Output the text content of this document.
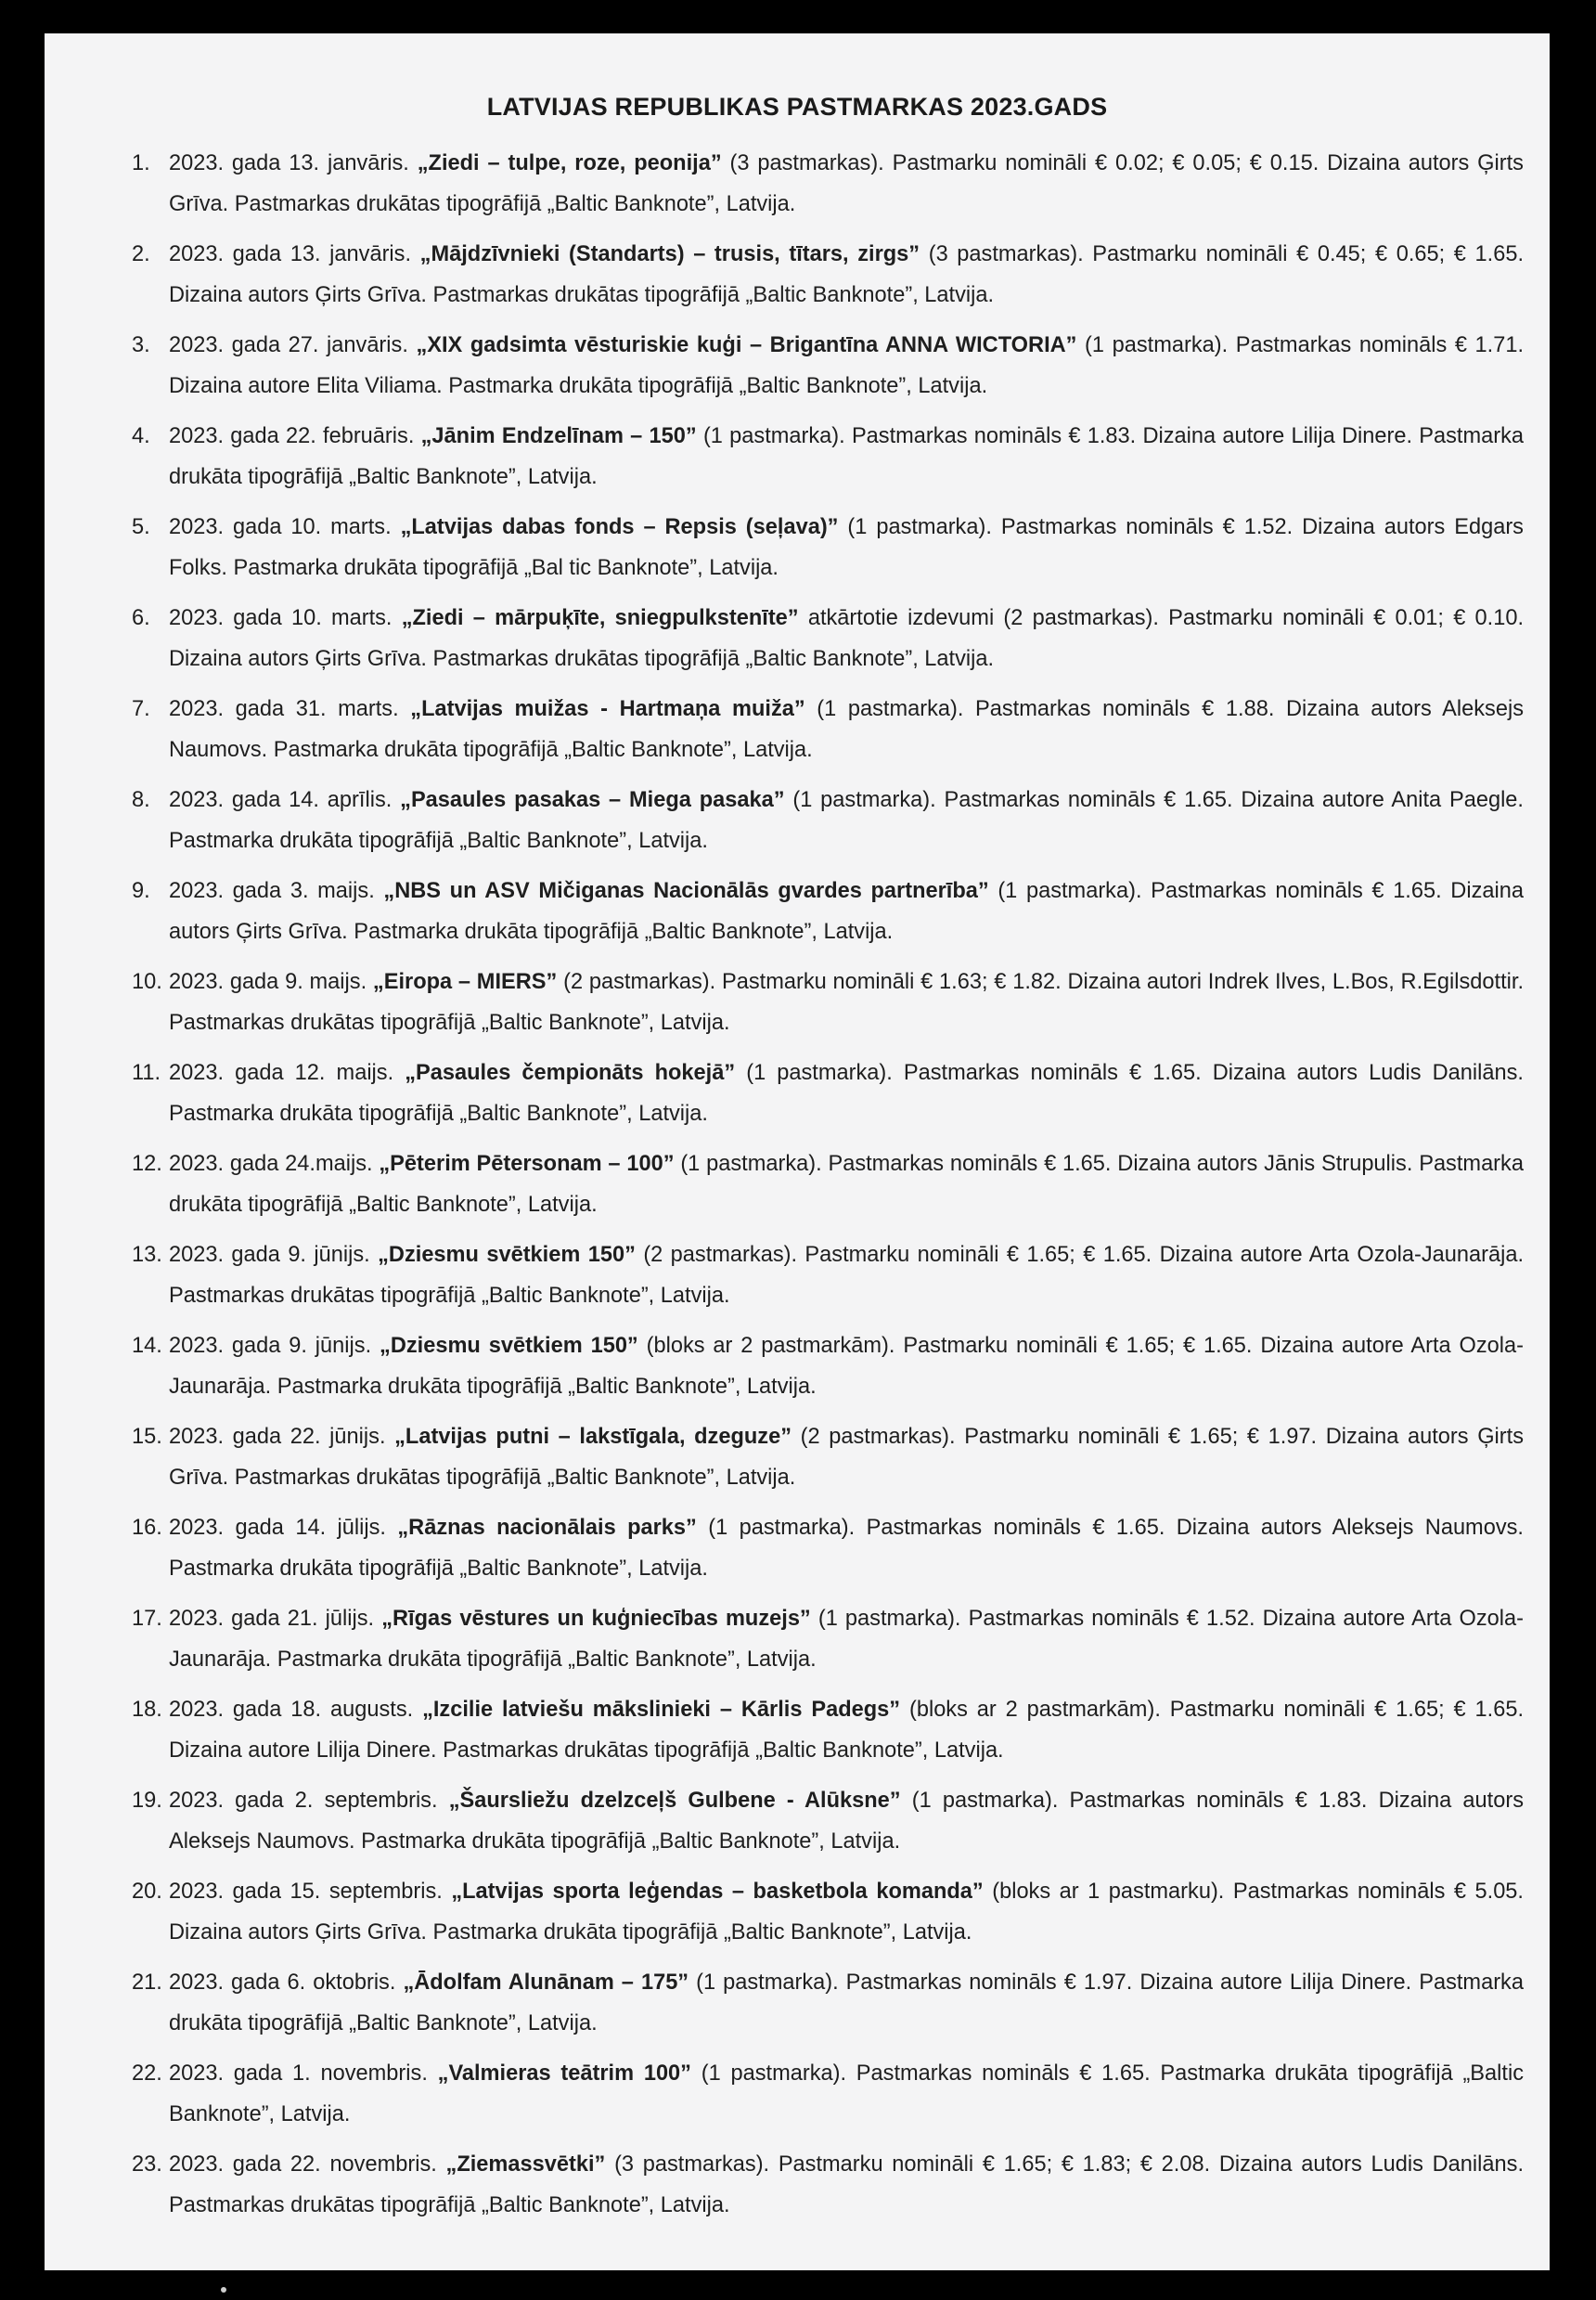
LATVIJAS REPUBLIKAS PASTMARKAS 2023.GADS
1. 2023. gada 13. janvāris. „Ziedi – tulpe, roze, peonija” (3 pastmarkas). Pastmarku nomināli € 0.02; € 0.05; € 0.15. Dizaina autors Ģirts Grīva. Pastmarkas drukātas tipogrāfijā „Baltic Banknote”, Latvija.
2. 2023. gada 13. janvāris. „Mājdzīvnieki (Standarts) – trusis, tītars, zirgs” (3 pastmarkas). Pastmarku nomināli € 0.45; € 0.65; € 1.65. Dizaina autors Ģirts Grīva. Pastmarkas drukātas tipogrāfijā „Baltic Banknote”, Latvija.
3. 2023. gada 27. janvāris. „XIX gadsimta vēsturiskie kuģi – Brigantīna ANNA WICTORIA” (1 pastmarka). Pastmarkas nomināls € 1.71. Dizaina autore Elita Viliama. Pastmarka drukāta tipogrāfijā „Baltic Banknote”, Latvija.
4. 2023. gada 22. februāris. „Jānim Endzelīnam – 150” (1 pastmarka). Pastmarkas nomināls € 1.83. Dizaina autore Lilija Dinere. Pastmarka drukāta tipogrāfijā „Baltic Banknote”, Latvija.
5. 2023. gada 10. marts. „Latvijas dabas fonds – Repsis (seļava)” (1 pastmarka). Pastmarkas nomināls € 1.52. Dizaina autors Edgars Folks. Pastmarka drukāta tipogrāfijā „Bal tic Banknote”, Latvija.
6. 2023. gada 10. marts. „Ziedi – mārpuķīte, sniegpulkstenīte” atkārtotie izdevumi (2 pastmarkas). Pastmarku nomināli € 0.01; € 0.10. Dizaina autors Ģirts Grīva. Pastmarkas drukātas tipogrāfijā „Baltic Banknote”, Latvija.
7. 2023. gada 31. marts. „Latvijas muižas - Hartmaņa muiža” (1 pastmarka). Pastmarkas nomināls € 1.88. Dizaina autors Aleksejs Naumovs. Pastmarka drukāta tipogrāfijā „Baltic Banknote”, Latvija.
8. 2023. gada 14. aprīlis. „Pasaules pasakas – Miega pasaka” (1 pastmarka). Pastmarkas nomināls € 1.65. Dizaina autore Anita Paegle. Pastmarka drukāta tipogrāfijā „Baltic Banknote”, Latvija.
9. 2023. gada 3. maijs. „NBS un ASV Mičiganas Nacionālās gvardes partnerība” (1 pastmarka). Pastmarkas nomināls € 1.65. Dizaina autors Ģirts Grīva. Pastmarka drukāta tipogrāfijā „Baltic Banknote”, Latvija.
10. 2023. gada 9. maijs. „Eiropa – MIERS” (2 pastmarkas). Pastmarku nomināli € 1.63; € 1.82. Dizaina autori Indrek Ilves, L.Bos, R.Egilsdottir. Pastmarkas drukātas tipogrāfijā „Baltic Banknote”, Latvija.
11. 2023. gada 12. maijs. „Pasaules čempionāts hokejā” (1 pastmarka). Pastmarkas nomināls € 1.65. Dizaina autors Ludis Danilāns. Pastmarka drukāta tipogrāfijā „Baltic Banknote”, Latvija.
12. 2023. gada 24.maijs. „Pēterim Pētersonam – 100” (1 pastmarka). Pastmarkas nomināls € 1.65. Dizaina autors Jānis Strupulis. Pastmarka drukāta tipogrāfijā „Baltic Banknote”, Latvija.
13. 2023. gada 9. jūnijs. „Dziesmu svētkiem 150” (2 pastmarkas). Pastmarku nomināli € 1.65; € 1.65. Dizaina autore Arta Ozola-Jaunarāja. Pastmarkas drukātas tipogrāfijā „Baltic Banknote”, Latvija.
14. 2023. gada 9. jūnijs. „Dziesmu svētkiem 150” (bloks ar 2 pastmarkām). Pastmarku nomināli € 1.65; € 1.65. Dizaina autore Arta Ozola-Jaunarāja. Pastmarka drukāta tipogrāfijā „Baltic Banknote”, Latvija.
15. 2023. gada 22. jūnijs. „Latvijas putni – lakstīgala, dzeguze” (2 pastmarkas). Pastmarku nomināli € 1.65; € 1.97. Dizaina autors Ģirts Grīva. Pastmarkas drukātas tipogrāfijā „Baltic Banknote”, Latvija.
16. 2023. gada 14. jūlijs. „Rāznas nacionālais parks” (1 pastmarka). Pastmarkas nomināls € 1.65. Dizaina autors Aleksejs Naumovs. Pastmarka drukāta tipogrāfijā „Baltic Banknote”, Latvija.
17. 2023. gada 21. jūlijs. „Rīgas vēstures un kuģniecības muzejs” (1 pastmarka). Pastmarkas nomināls € 1.52. Dizaina autore Arta Ozola-Jaunarāja. Pastmarka drukāta tipogrāfijā „Baltic Banknote”, Latvija.
18. 2023. gada 18. augusts. „Izcilie latviešu mākslinieki – Kārlis Padegs” (bloks ar 2 pastmarkām). Pastmarku nomināli € 1.65; € 1.65. Dizaina autore Lilija Dinere. Pastmarkas drukātas tipogrāfijā „Baltic Banknote”, Latvija.
19. 2023. gada 2. septembris. „Šaursliežu dzelzceļš Gulbene - Alūksne” (1 pastmarka). Pastmarkas nomināls € 1.83. Dizaina autors Aleksejs Naumovs. Pastmarka drukāta tipogrāfijā „Baltic Banknote”, Latvija.
20. 2023. gada 15. septembris. „Latvijas sporta leģendas – basketbola komanda” (bloks ar 1 pastmarku). Pastmarkas nomināls € 5.05. Dizaina autors Ģirts Grīva. Pastmarka drukāta tipogrāfijā „Baltic Banknote”, Latvija.
21. 2023. gada 6. oktobris. „Ādolfam Alunānam – 175” (1 pastmarka). Pastmarkas nomināls € 1.97. Dizaina autore Lilija Dinere. Pastmarka drukāta tipogrāfijā „Baltic Banknote”, Latvija.
22. 2023. gada 1. novembris. „Valmieras teātrim 100” (1 pastmarka). Pastmarkas nomināls € 1.65. Pastmarka drukāta tipogrāfijā „Baltic Banknote”, Latvija.
23. 2023. gada 22. novembris. „Ziemassvētki” (3 pastmarkas). Pastmarku nomināli € 1.65; € 1.83; € 2.08. Dizaina autors Ludis Danilāns. Pastmarkas drukātas tipogrāfijā „Baltic Banknote”, Latvija.
